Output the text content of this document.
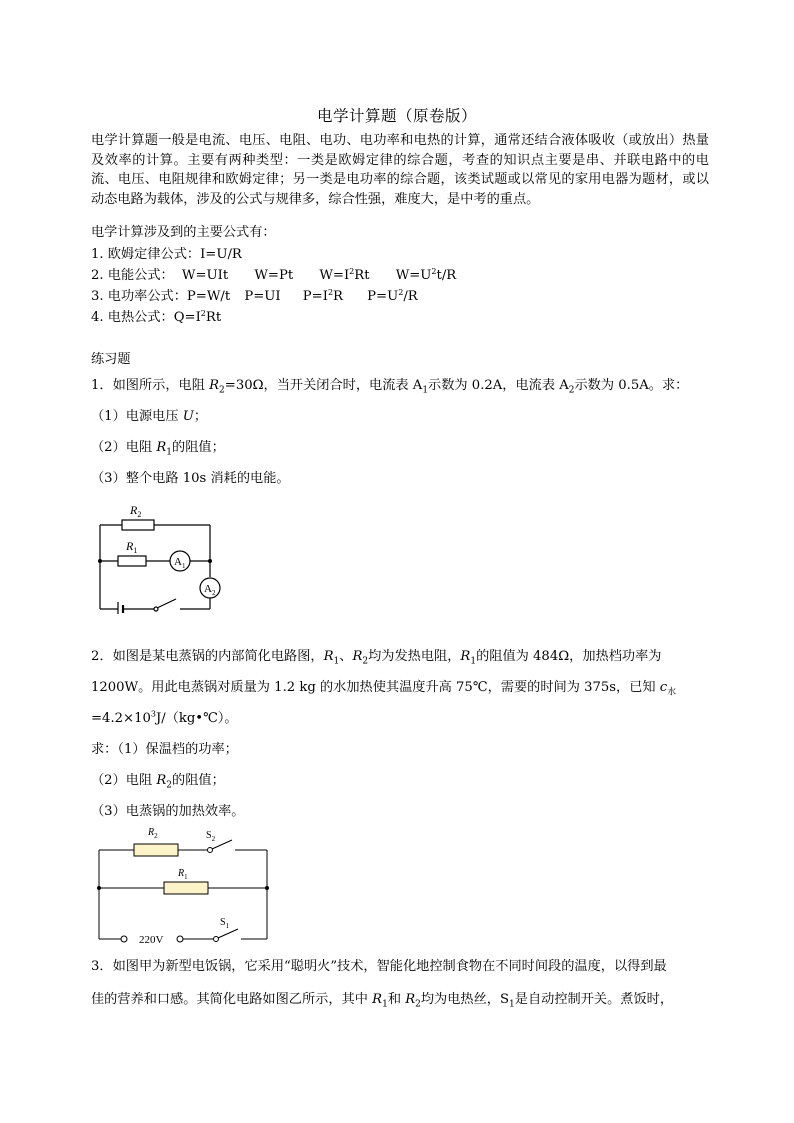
电学计算题（原卷版）
电学计算题一般是电流、电压、电阻、电功、电功率和电热的计算，通常还结合液体吸收（或放出）热量及效率的计算。主要有两种类型：一类是欧姆定律的综合题，考查的知识点主要是串、并联电路中的电流、电压、电阻规律和欧姆定律；另一类是电功率的综合题，该类试题或以常见的家用电器为题材，或以动态电路为载体，涉及的公式与规律多，综合性强，难度大，是中考的重点。
电学计算涉及到的主要公式有：
1. 欧姆定律公式：I=U/R
2. 电能公式： W=UIt W=Pt $W=I^2Rt$ $W=U^2t/R$
3. 电功率公式：P=W/t P=UI $P=I^2R$ $P=U^2/R$
4. 电热公式：$Q=I^2Rt$
练习题
1．如图所示，电阻 $R_2=30\Omega$，当开关闭合时，电流表 $A_1$示数为 0.2A，电流表 $A_2$示数为 0.5A。求：
（1）电源电压 U；
（2）电阻 $R_1$的阻值；
（3）整个电路 10s 消耗的电能。
$R_2$
$R_1$
$A_1$
$A_2$
2．如图是某电蒸锅的内部简化电路图，$R_1$、$R_2$均为发热电阻，$R_1$的阻值为 484Ω，加热档功率为
1200W。用此电蒸锅对质量为 1.2 kg 的水加热使其温度升高 75℃，需要的时间为 375s，已知 $c_水$
$=4.2\times 10^3J/(kg•℃)$。
求：（1）保温档的功率；
（2）电阻 $R_2$的阻值；
（3）电蒸锅的加热效率。
$R_2$	$S_2$
$R_1$
220V
$S_1$
3．如图甲为新型电饭锅，它采用“聪明火”技术，智能化地控制食物在不同时间段的温度，以得到最
佳的营养和口感。其简化电路如图乙所示，其中 $R_1$和 $R_2$均为电热丝，$S_1$是自动控制开关。煮饭时，
